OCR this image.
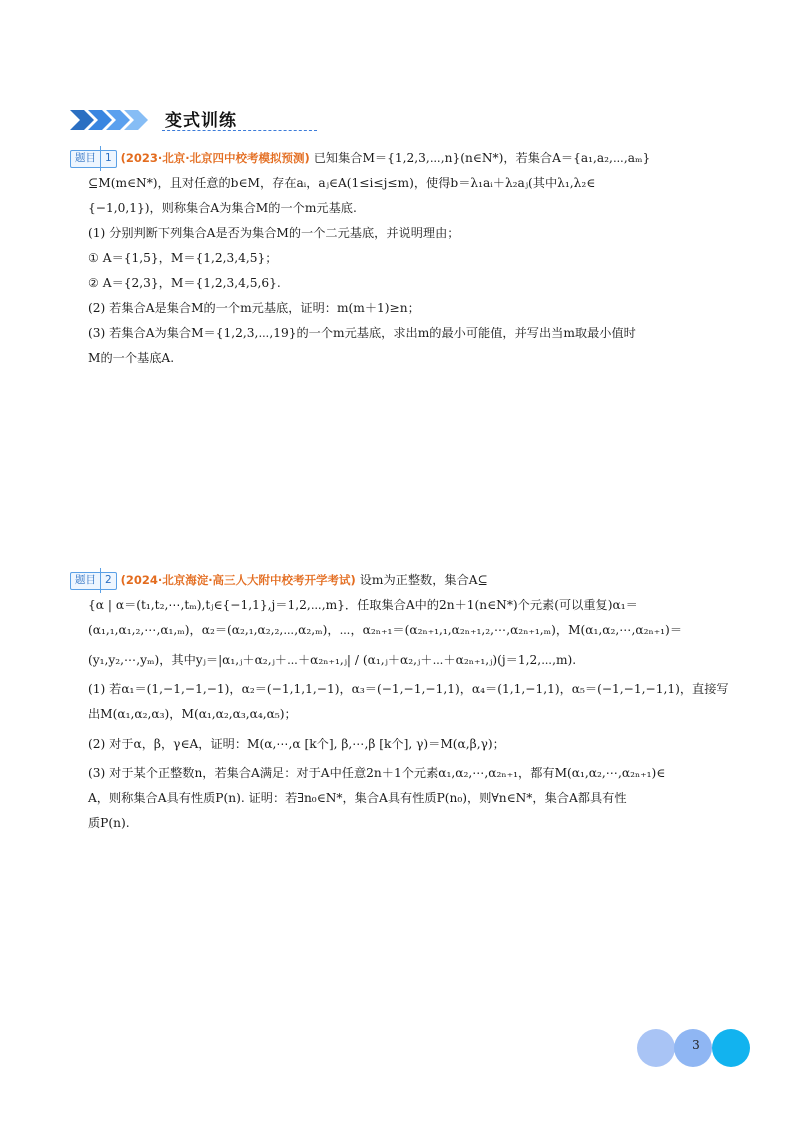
变式训练
题目 1 (2023·北京·北京四中校考模拟预测) 已知集合M＝{1,2,3,⋯,n}(n∈N*)，若集合A＝{a₁,a₂,⋯,aₘ}
⊆M(m∈N*)，且对任意的b∈M，存在aᵢ，aⱼ∈A(1≤i≤j≤m)，使得b＝λ₁aᵢ＋λ₂aⱼ(其中λ₁,λ₂∈
{−1,0,1})，则称集合A为集合M的一个m元基底.
(1) 分别判断下列集合A是否为集合M的一个二元基底，并说明理由；
① A＝{1,5}，M＝{1,2,3,4,5}；
② A＝{2,3}，M＝{1,2,3,4,5,6}.
(2) 若集合A是集合M的一个m元基底，证明：m(m＋1)≥n；
(3) 若集合A为集合M＝{1,2,3,⋯,19}的一个m元基底，求出m的最小可能值，并写出当m取最小值时
M的一个基底A.
题目 2 (2024·北京海淀·高三人大附中校考开学考试) 设m为正整数，集合A⊆
{α | α＝(t₁,t₂,⋯,tₘ),tⱼ∈{−1,1},j＝1,2,⋯,m}．任取集合A中的2n＋1(n∈N*)个元素(可以重复)α₁＝
(α₁,₁,α₁,₂,⋯,α₁,ₘ)，α₂＝(α₂,₁,α₂,₂,⋯,α₂,ₘ)，⋯，α₂ₙ₊₁＝(α₂ₙ₊₁,₁,α₂ₙ₊₁,₂,⋯,α₂ₙ₊₁,ₘ)，M(α₁,α₂,⋯,α₂ₙ₊₁)＝
(y₁,y₂,⋯,yₘ)，其中yⱼ＝|α₁,ⱼ＋α₂,ⱼ＋⋯＋α₂ₙ₊₁,ⱼ| / (α₁,ⱼ＋α₂,ⱼ＋⋯＋α₂ₙ₊₁,ⱼ)(j＝1,2,⋯,m).
(1) 若α₁＝(1,−1,−1,−1)，α₂＝(−1,1,1,−1)，α₃＝(−1,−1,−1,1)，α₄＝(1,1,−1,1)，α₅＝(−1,−1,−1,1)，直接写
出M(α₁,α₂,α₃)，M(α₁,α₂,α₃,α₄,α₅)；
(2) 对于α，β，γ∈A，证明：M(α,⋯,α [k个], β,⋯,β [k个], γ)＝M(α,β,γ)；
(3) 对于某个正整数n，若集合A满足：对于A中任意2n＋1个元素α₁,α₂,⋯,α₂ₙ₊₁，都有M(α₁,α₂,⋯,α₂ₙ₊₁)∈
A，则称集合A具有性质P(n). 证明：若∃n₀∈N*，集合A具有性质P(n₀)，则∀n∈N*，集合A都具有性
质P(n).
3
